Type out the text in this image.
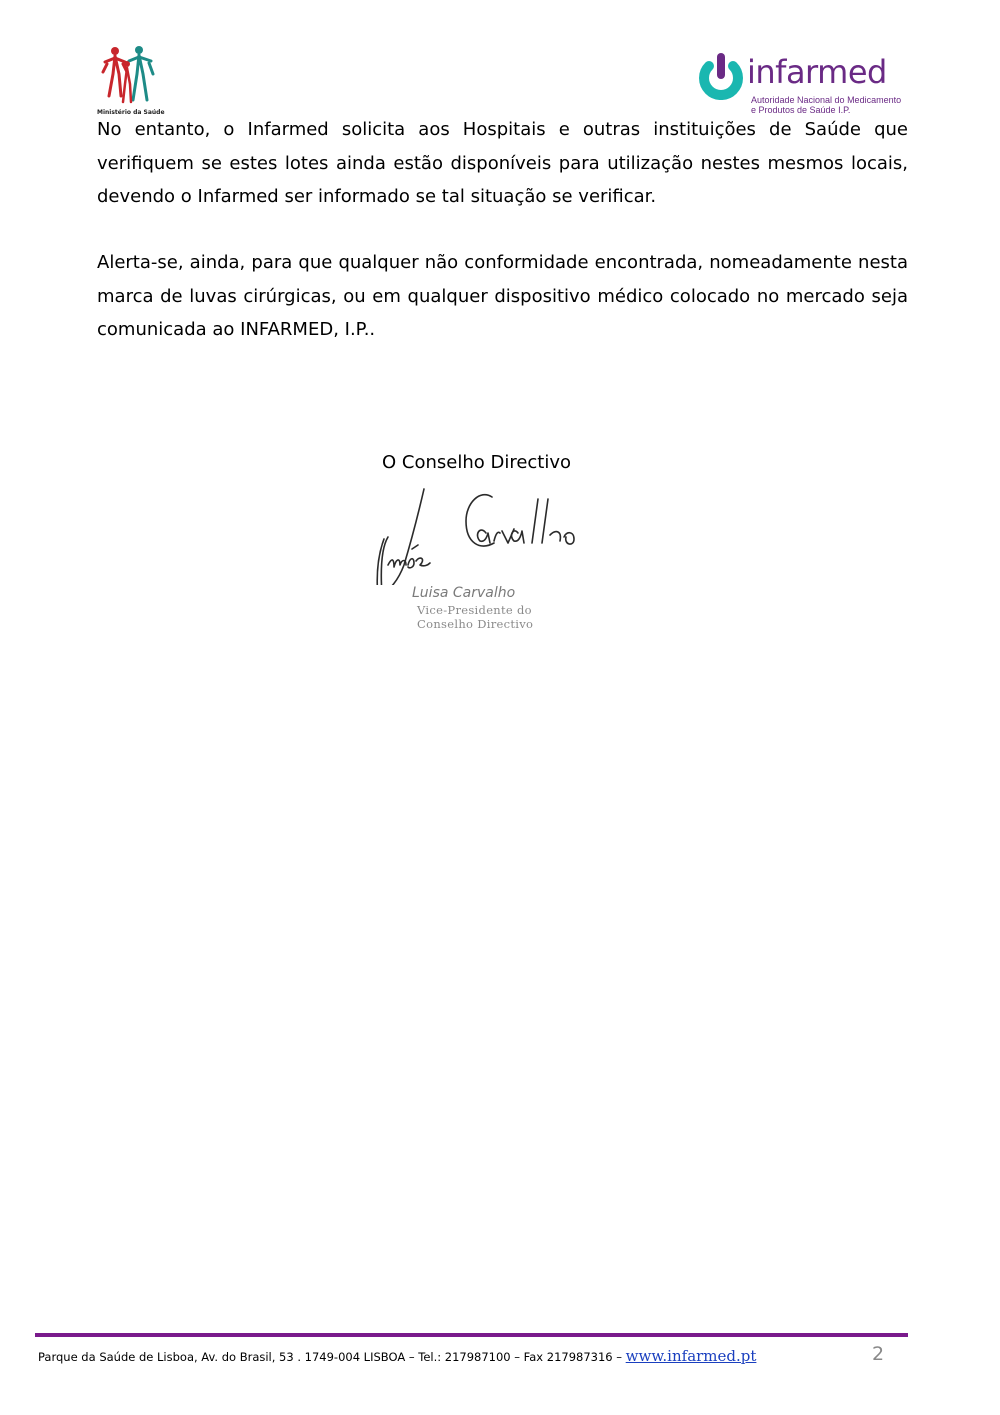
Ministério da Saúde
infarmed
Autoridade Nacional do Medicamento
e Produtos de Saúde I.P.

No entanto, o Infarmed solicita aos Hospitais e outras instituições de Saúde que verifiquem se estes lotes ainda estão disponíveis para utilização nestes mesmos locais, devendo o Infarmed ser informado se tal situação se verificar.

Alerta-se, ainda, para que qualquer não conformidade encontrada, nomeadamente nesta marca de luvas cirúrgicas, ou em qualquer dispositivo médico colocado no mercado seja comunicada ao INFARMED, I.P..

O Conselho Directivo
Luisa Carvalho
Vice-Presidente do
Conselho Directivo
Parque da Saúde de Lisboa, Av. do Brasil, 53 . 1749-004 LISBOA – Tel.: 217987100 – Fax 217987316 – www.infarmed.pt	2
